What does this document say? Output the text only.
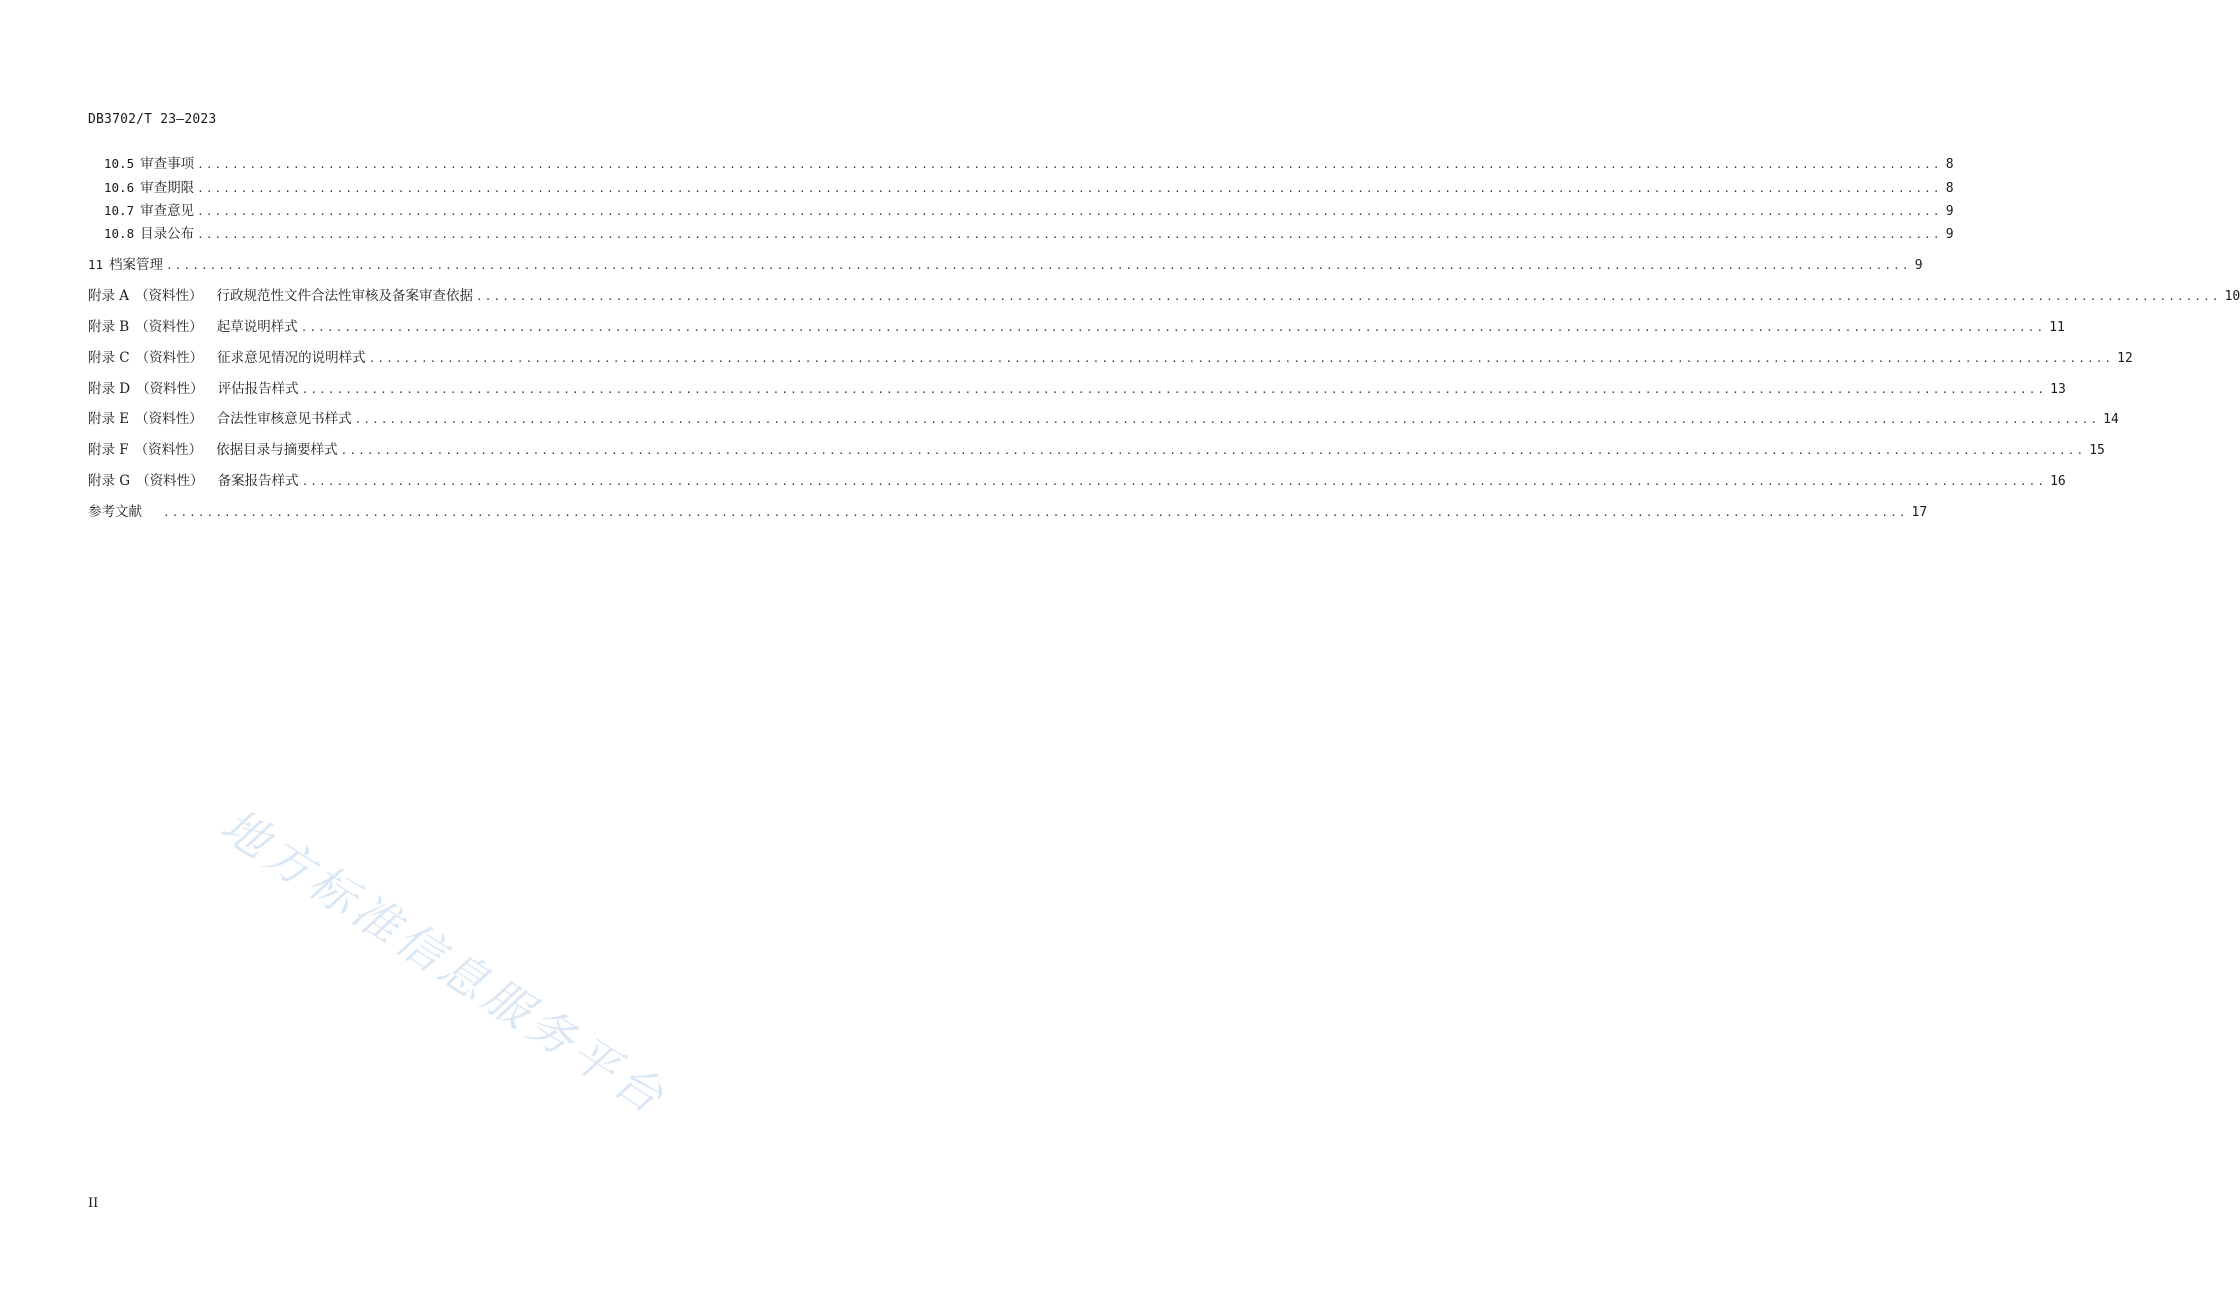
DB3702/T 23—2023
10.5 审查事项 ........................................................................................................................................................................................................ 8
10.6 审查期限 ........................................................................................................................................................................................................ 8
10.7 审查意见 ........................................................................................................................................................................................................ 9
10.8 目录公布 ........................................................................................................................................................................................................ 9
11 档案管理 ........................................................................................................................................................................................................ 9
附录 A （资料性） 行政规范性文件合法性审核及备案审查依据 ........................................................................................................................................................................................................ 10
附录 B （资料性） 起草说明样式 ........................................................................................................................................................................................................ 11
附录 C （资料性） 征求意见情况的说明样式 ........................................................................................................................................................................................................ 12
附录 D （资料性） 评估报告样式 ........................................................................................................................................................................................................ 13
附录 E （资料性） 合法性审核意见书样式 ........................................................................................................................................................................................................ 14
附录 F （资料性） 依据目录与摘要样式 ........................................................................................................................................................................................................ 15
附录 G （资料性） 备案报告样式 ........................................................................................................................................................................................................ 16
参考文献 ........................................................................................................................................................................................................ 17
地方标准信息服务平台
II
